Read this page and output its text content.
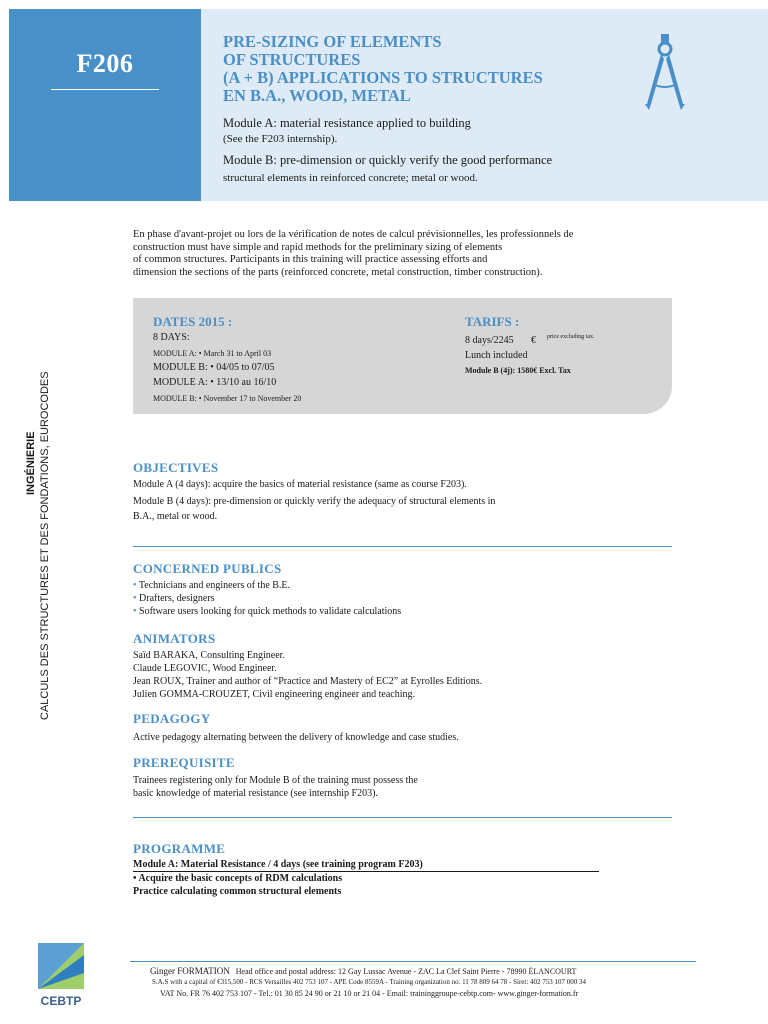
F206
PRE-SIZING OF ELEMENTS
OF STRUCTURES
(A + B) APPLICATIONS TO STRUCTURES
EN B.A., WOOD, METAL
Module A: material resistance applied to building
(See the F203 internship).
Module B: pre-dimension or quickly verify the good performance
structural elements in reinforced concrete; metal or wood.
INGÉNIERIE CALCULS DES STRUCTURES ET DES FONDATIONS, EUROCODES
En phase d'avant-projet ou lors de la vérification de notes de calcul prévisionnelles, les professionnels de
construction must have simple and rapid methods for the preliminary sizing of elements
of common structures. Participants in this training will practice assessing efforts and
dimension the sections of the parts (reinforced concrete, metal construction, timber construction).
DATES 2015 :
8 DAYS:
MODULE A: • March 31 to April 03
MODULE B: • 04/05 to 07/05
MODULE A: • 13/10 au 16/10
MODULE B: • November 17 to November 20
TARIFS :
8 days/2245 € price excluding tax.
Lunch included
Module B (4j): 1580€ Excl. Tax
OBJECTIVES
Module A (4 days): acquire the basics of material resistance (same as course F203).
Module B (4 days): pre-dimension or quickly verify the adequacy of structural elements in
B.A., metal or wood.
CONCERNED PUBLICS
• Technicians and engineers of the B.E.
• Drafters, designers
• Software users looking for quick methods to validate calculations
ANIMATORS
Saïd BARAKA, Consulting Engineer.
Claude LEGOVIC, Wood Engineer.
Jean ROUX, Trainer and author of “Practice and Mastery of EC2” at Eyrolles Editions.
Julien GOMMA-CROUZET, Civil engineering engineer and teaching.
PEDAGOGY
Active pedagogy alternating between the delivery of knowledge and case studies.
PREREQUISITE
Trainees registering only for Module B of the training must possess the
basic knowledge of material resistance (see internship F203).
PROGRAMME
Module A: Material Resistance / 4 days (see training program F203)
• Acquire the basic concepts of RDM calculations
Practice calculating common structural elements
CEBTP
Ginger FORMATION Head office and postal address: 12 Gay Lussac Avenue - ZAC La Clef Saint Pierre - 78990 ÉLANCOURT
S.A.S with a capital of €315,500 - RCS Versailles 402 753 107 - APE Code 8559A - Training organization no. 11 78 809 64 78 - Siret: 402 753 107 000 34
VAT No. FR 76 402 753 107 - Tel.: 01 30 85 24 90 or 21 10 or 21 04 - Email: traininggroupe-cebtp.com- www.ginger-formation.fr
